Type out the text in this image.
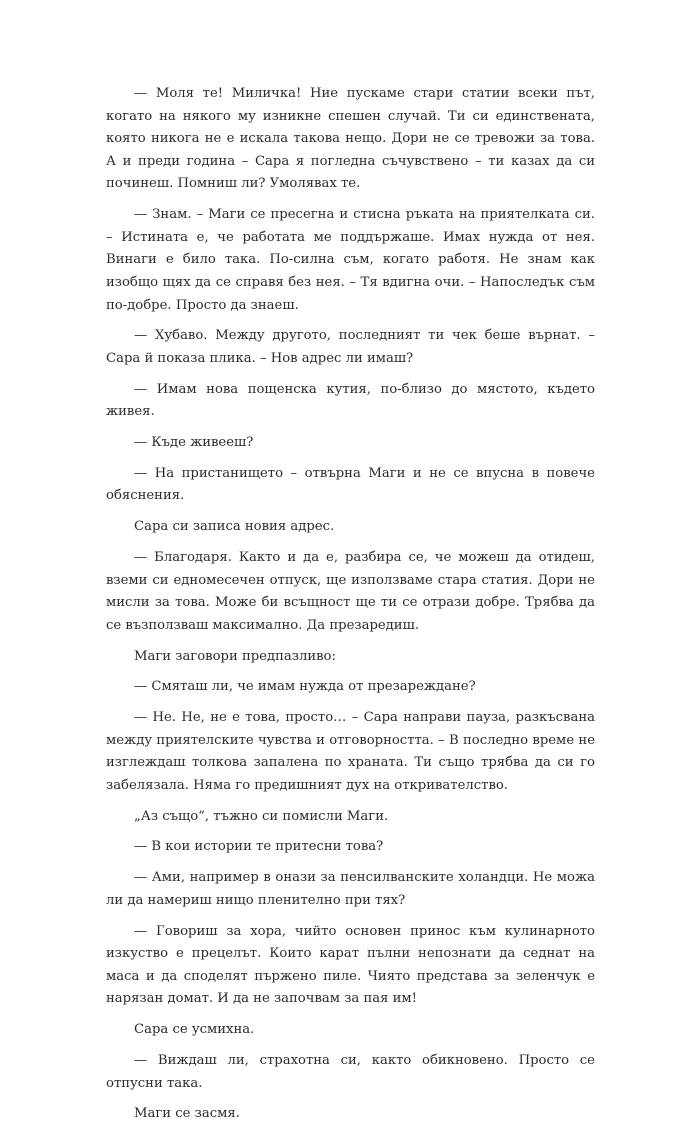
— Моля те! Миличка! Ние пускаме стари статии всеки път, когато на някого му изникне спешен случай. Ти си единствената, която никога не е искала такова нещо. Дори не се тревожи за това. А и преди година – Сара я погледна съчувствено – ти казах да си починеш. Помниш ли? Умолявах те.

— Знам. – Маги се пресегна и стисна ръката на приятелката си. – Истината е, че работата ме поддържаше. Имах нужда от нея. Винаги е било така. По-силна съм, когато работя. Не знам как изобщо щях да се справя без нея. – Тя вдигна очи. – Напоследък съм по-добре. Просто да знаеш.

— Хубаво. Между другото, последният ти чек беше върнат. – Сара й показа плика. – Нов адрес ли имаш?

— Имам нова пощенска кутия, по-близо до мястото, където живея.

— Къде живееш?

— На пристанището – отвърна Маги и не се впусна в повече обяснения.

Сара си записа новия адрес.

— Благодаря. Както и да е, разбира се, че можеш да отидеш, вземи си едномесечен отпуск, ще използваме стара статия. Дори не мисли за това. Може би всъщност ще ти се отрази добре. Трябва да се възползваш максимално. Да презаредиш.

Маги заговори предпазливо:

— Смяташ ли, че имам нужда от презареждане?

— Не. Не, не е това, просто… – Сара направи пауза, разкъсвана между приятелските чувства и отговорността. – В последно време не изглеждаш толкова запалена по храната. Ти също трябва да си го забелязала. Няма го предишният дух на откривателство.

„Аз също“, тъжно си помисли Маги.

— В кои истории те притесни това?

— Ами, например в онази за пенсилванските холандци. Не можа ли да намериш нищо пленително при тях?

— Говориш за хора, чийто основен принос към кулинарното изкуство е прецелът. Които карат пълни непознати да седнат на маса и да споделят пържено пиле. Чиято представа за зеленчук е нарязан домат. И да не започвам за пая им!

Сара се усмихна.

— Виждаш ли, страхотна си, както обикновено. Просто се отпусни така.

Маги се засмя.
